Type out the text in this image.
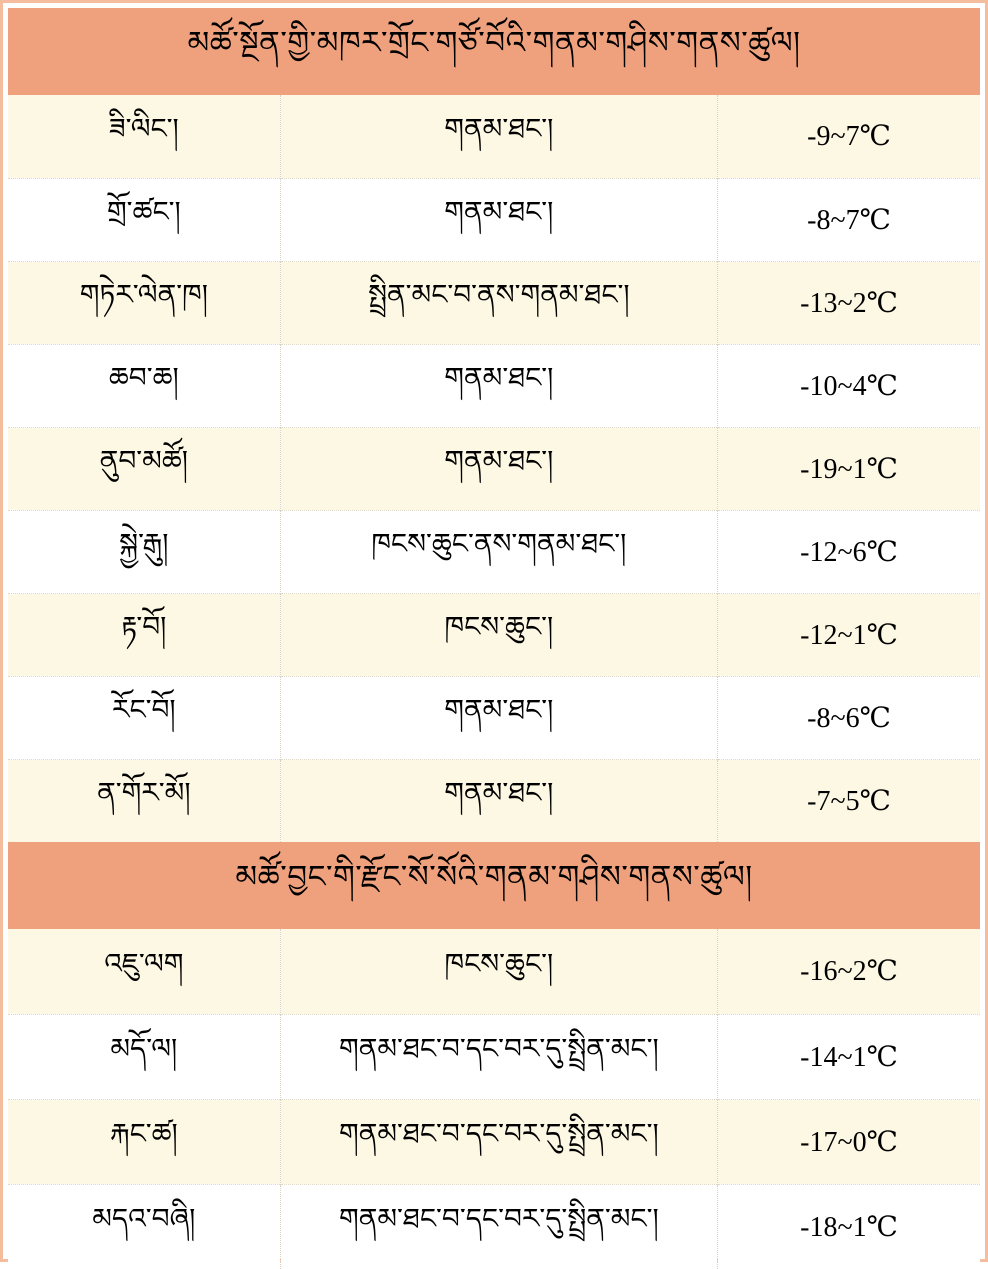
མཚོ་སྔོན་གྱི་མཁར་གྲོང་གཙོ་བོའི་གནམ་གཤིས་གནས་ཚུལ།		
ཟི་ལིང་།	གནམ་ཐང་།	-9~7℃
གྲོ་ཚང་།	གནམ་ཐང་།	-8~7℃
གཏེར་ལེན་ཁ།	སྤྲིན་མང་བ་ནས་གནམ་ཐང་།	-13~2℃
ཆབ་ཆ།	གནམ་ཐང་།	-10~4℃
ནུབ་མཚོ།	གནམ་ཐང་།	-19~1℃
སྐྱེ་རྒུ།	ཁངས་ཆུང་ནས་གནམ་ཐང་།	-12~6℃
རྟ་བོ།	ཁངས་ཆུང་།	-12~1℃
རོང་བོ།	གནམ་ཐང་།	-8~6℃
ན་གོར་མོ།	གནམ་ཐང་།	-7~5℃
མཚོ་བྱང་གི་རྫོང་སོ་སོའི་གནམ་གཤིས་གནས་ཚུལ།		
འཇུ་ལག	ཁངས་ཆུང་།	-16~2℃
མདོ་ལ།	གནམ་ཐང་བ་དང་བར་དུ་སྤྲིན་མང་།	-14~1℃
རྐང་ཚ།	གནམ་ཐང་བ་དང་བར་དུ་སྤྲིན་མང་།	-17~0℃
མདའ་བཞི།	གནམ་ཐང་བ་དང་བར་དུ་སྤྲིན་མང་།	-18~1℃
